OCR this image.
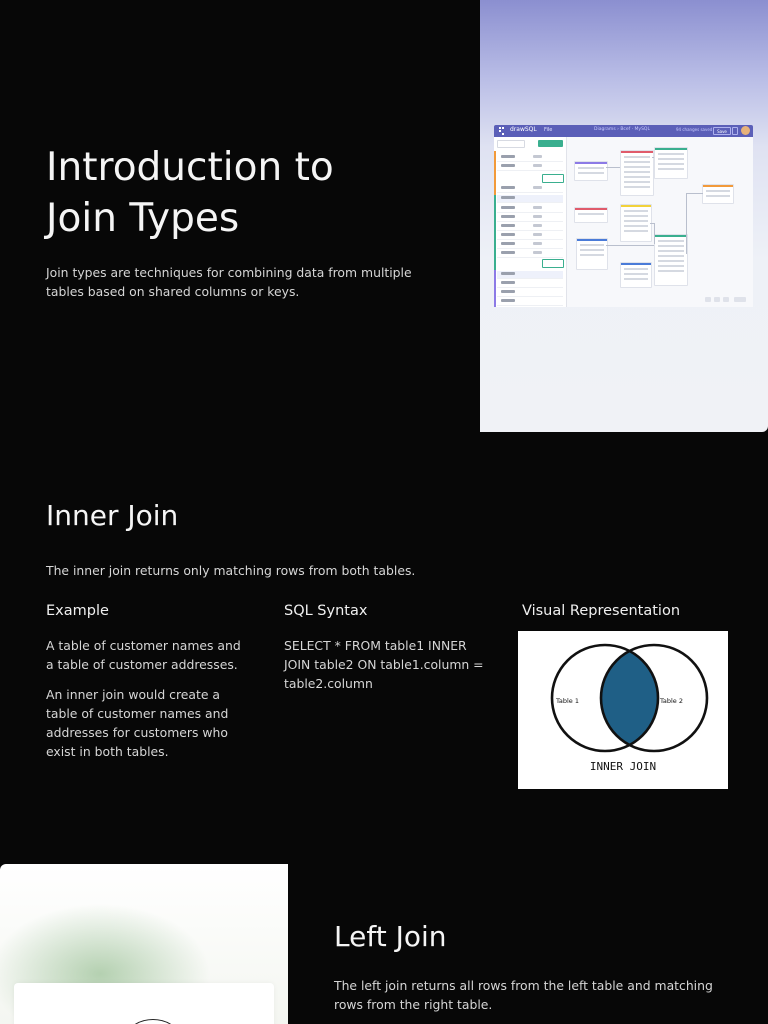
Introduction to
Join Types

Join types are techniques for combining data from multiple tables based on shared columns or keys.

drawSQL File	Diagrams › Bcef · MySQL	94 changes saved	Save
Inner Join

The inner join returns only matching rows from both tables.

Example

A table of customer names and a table of customer addresses.

An inner join would create a table of customer names and addresses for customers who exist in both tables.

SQL Syntax

SELECT * FROM table1 INNER JOIN table2 ON table1.column = table2.column

Visual Representation
Table 1	Table 2
INNER JOIN
Left Join

The left join returns all rows from the left table and matching rows from the right table.
